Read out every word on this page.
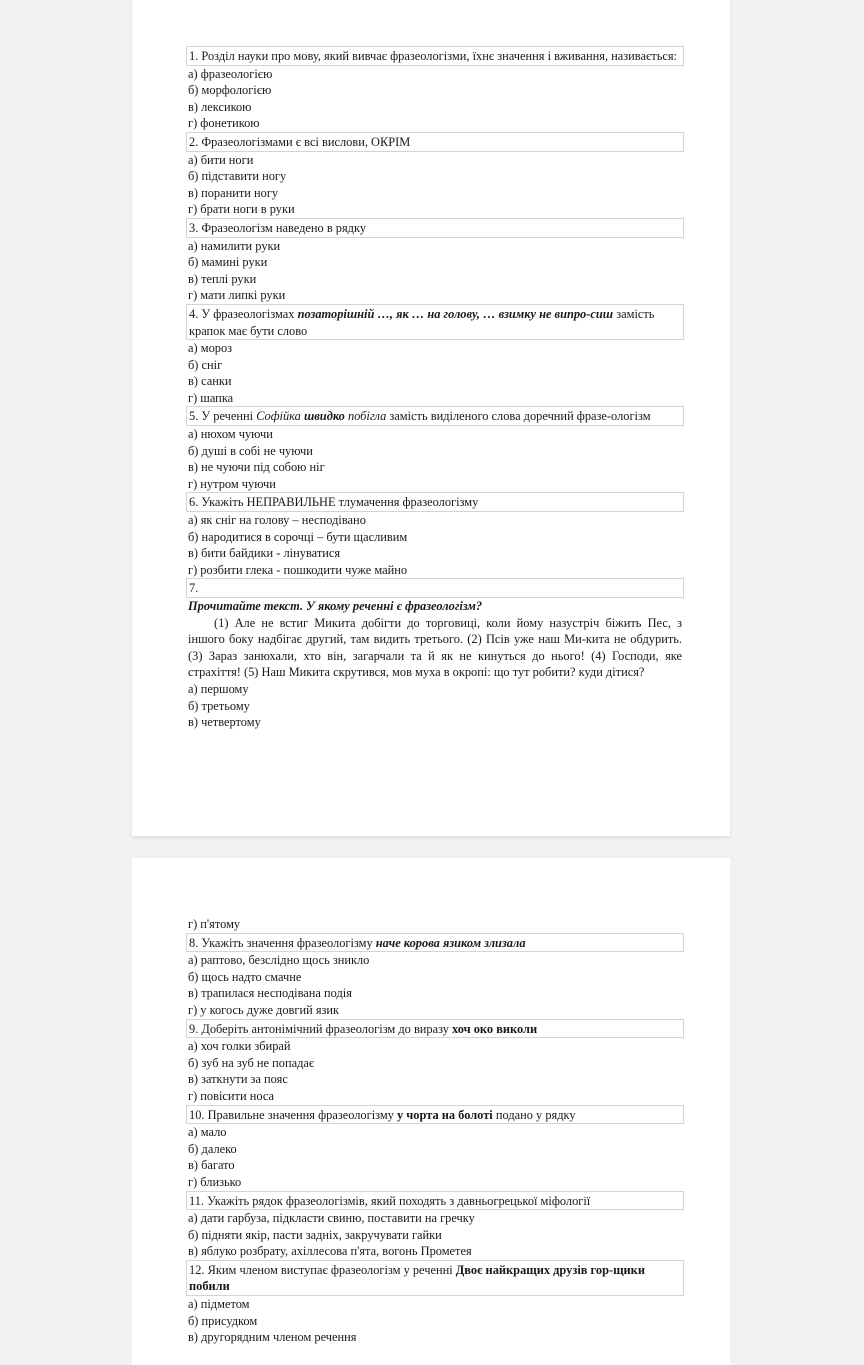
1. Розділ науки про мову, який вивчає фразеологізми, їхнє значення і вживання, називається:
а) фразеологією
б) морфологією
в) лексикою
г) фонетикою
2. Фразеологізмами є всі вислови, ОКРІМ
а) бити ноги
б) підставити ногу
в) поранити ногу
г) брати ноги в руки
3. Фразеологізм наведено в рядку
а) намилити руки
б) мамині руки
в) теплі руки
г) мати липкі руки
4. У фразеологізмах позаторішній …, як … на голову, … взимку не випро-сиш замість крапок має бути слово
а) мороз
б) сніг
в) санки
г) шапка
5. У реченні Софійка швидко побігла замість виділеного слова доречний фразе-ологізм
а) нюхом чуючи
б) душі в собі не чуючи
в) не чуючи під собою ніг
г) нутром чуючи
6. Укажіть НЕПРАВИЛЬНЕ тлумачення фразеологізму
а) як сніг на голову – несподівано
б) народитися в сорочці – бути щасливим
в) бити байдики - лінуватися
г) розбити глека - пошкодити чуже майно
7.
Прочитайте текст. У якому реченні є фразеологізм?
(1) Але не встиг Микита добігти до торговиці, коли йому назустріч біжить Пес, з іншого боку надбігає другий, там видить третього. (2) Псів уже наш Ми-кита не обдурить. (3) Зараз занюхали, хто він, загарчали та й як не кинуться до нього! (4) Господи, яке страхіття! (5) Наш Микита скрутився, мов муха в окропі: що тут робити? куди дітися?
а) першому
б) третьому
в) четвертому
г) п'ятому
8. Укажіть значення фразеологізму наче корова язиком злизала
а) раптово, безслідно щось зникло
б) щось надто смачне
в) трапилася несподівана подія
г) у когось дуже довгий язик
9. Доберіть антонімічний фразеологізм до виразу хоч око виколи
а) хоч голки збирай
б) зуб на зуб не попадає
в) заткнути за пояс
г) повісити носа
10. Правильне значення фразеологізму у чорта на болоті подано у рядку
а) мало
б) далеко
в) багато
г) близько
11. Укажіть рядок фразеологізмів, який походять з давньогрецької міфології
а) дати гарбуза, підкласти свиню, поставити на гречку
б) підняти якір, пасти задніх, закручувати гайки
в) яблуко розбрату, ахіллесова п'ята, вогонь Прометея
12. Яким членом виступає фразеологізм у реченні Двоє найкращих друзів гор-щики побили
а) підметом
б) присудком
в) другорядним членом речення
